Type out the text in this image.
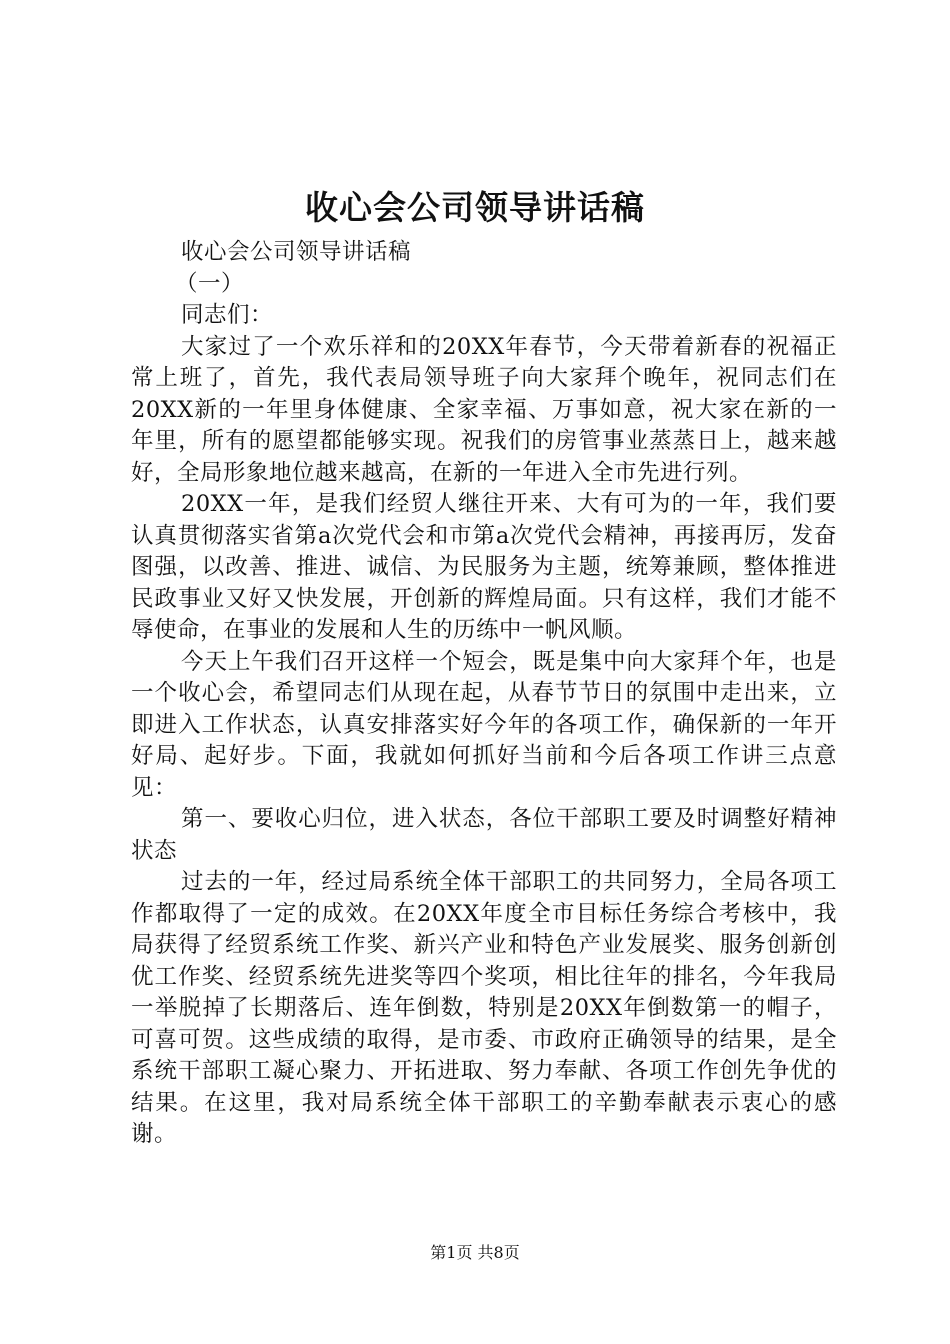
收心会公司领导讲话稿

收心会公司领导讲话稿

（一）

同志们：

大家过了一个欢乐祥和的20XX年春节，今天带着新春的祝福正常上班了，首先，我代表局领导班子向大家拜个晚年，祝同志们在20XX新的一年里身体健康、全家幸福、万事如意，祝大家在新的一年里，所有的愿望都能够实现。祝我们的房管事业蒸蒸日上，越来越好，全局形象地位越来越高，在新的一年进入全市先进行列。

20XX一年，是我们经贸人继往开来、大有可为的一年，我们要认真贯彻落实省第a次党代会和市第a次党代会精神，再接再厉，发奋图强，以改善、推进、诚信、为民服务为主题，统筹兼顾，整体推进民政事业又好又快发展，开创新的辉煌局面。只有这样，我们才能不辱使命，在事业的发展和人生的历练中一帆风顺。

今天上午我们召开这样一个短会，既是集中向大家拜个年，也是一个收心会，希望同志们从现在起，从春节节日的氛围中走出来，立即进入工作状态，认真安排落实好今年的各项工作，确保新的一年开好局、起好步。下面，我就如何抓好当前和今后各项工作讲三点意见：

第一、要收心归位，进入状态，各位干部职工要及时调整好精神状态

过去的一年，经过局系统全体干部职工的共同努力，全局各项工作都取得了一定的成效。在20XX年度全市目标任务综合考核中，我局获得了经贸系统工作奖、新兴产业和特色产业发展奖、服务创新创优工作奖、经贸系统先进奖等四个奖项，相比往年的排名，今年我局一举脱掉了长期落后、连年倒数，特别是20XX年倒数第一的帽子，可喜可贺。这些成绩的取得，是市委、市政府正确领导的结果，是全系统干部职工凝心聚力、开拓进取、努力奉献、各项工作创先争优的结果。在这里，我对局系统全体干部职工的辛勤奉献表示衷心的感谢。

第1页 共8页
